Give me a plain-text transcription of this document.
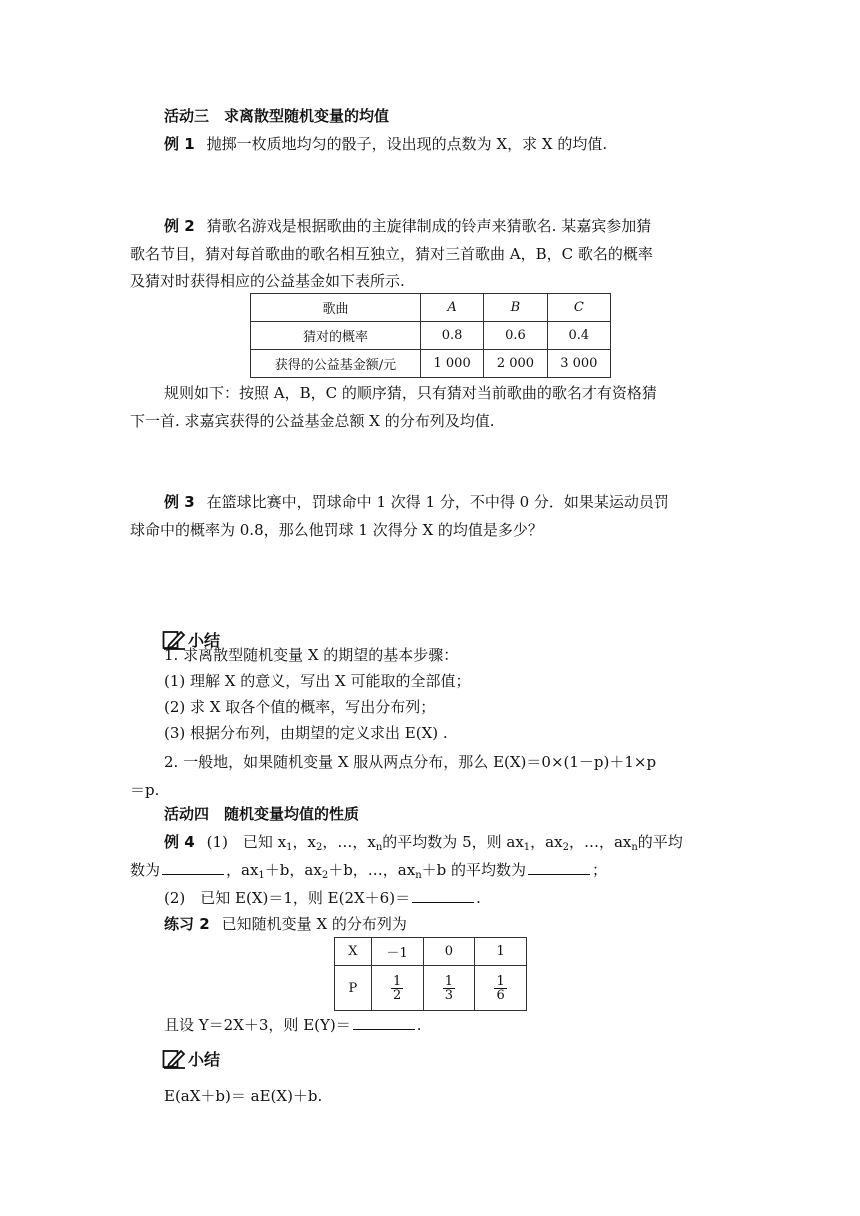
活动三　求离散型随机变量的均值
例 1 抛掷一枚质地均匀的骰子，设出现的点数为 X，求 X 的均值.
例 2 猜歌名游戏是根据歌曲的主旋律制成的铃声来猜歌名. 某嘉宾参加猜
歌名节目，猜对每首歌曲的歌名相互独立，猜对三首歌曲 A，B，C 歌名的概率
及猜对时获得相应的公益基金如下表所示.
歌曲	A	B	C
猜对的概率	0.8	0.6	0.4
获得的公益基金额/元	1 000	2 000	3 000
规则如下：按照 A，B，C 的顺序猜，只有猜对当前歌曲的歌名才有资格猜
下一首. 求嘉宾获得的公益基金总额 X 的分布列及均值.
例 3 在篮球比赛中，罚球命中 1 次得 1 分，不中得 0 分．如果某运动员罚
球命中的概率为 0.8，那么他罚球 1 次得分 X 的均值是多少？
小结
1. 求离散型随机变量 X 的期望的基本步骤：
(1) 理解 X 的意义，写出 X 可能取的全部值；
(2) 求 X 取各个值的概率，写出分布列；
(3) 根据分布列，由期望的定义求出 E(X) .
2. 一般地，如果随机变量 X 服从两点分布，那么 E(X)＝0×(1－p)＋1×p
＝p.
活动四　随机变量均值的性质
例 4 (1)　已知 $x_1$，$x_2$，…，$x_n$的平均数为 5，则 $ax_1$，$ax_2$，…，$ax_n$的平均
数为	，$ax_1+b$，$ax_2+b$，…，$ax_n+b$ 的平均数为	；
(2)　已知 E(X)＝1，则 E(2X＋6)＝	.
练习 2 已知随机变量 X 的分布列为
X	－1	0	1
P	$\frac{1}{2}$	$\frac{1}{3}$	$\frac{1}{6}$
且设 Y＝2X＋3，则 E(Y)＝	.
小结
E(aX＋b)＝ aE(X)＋b.
